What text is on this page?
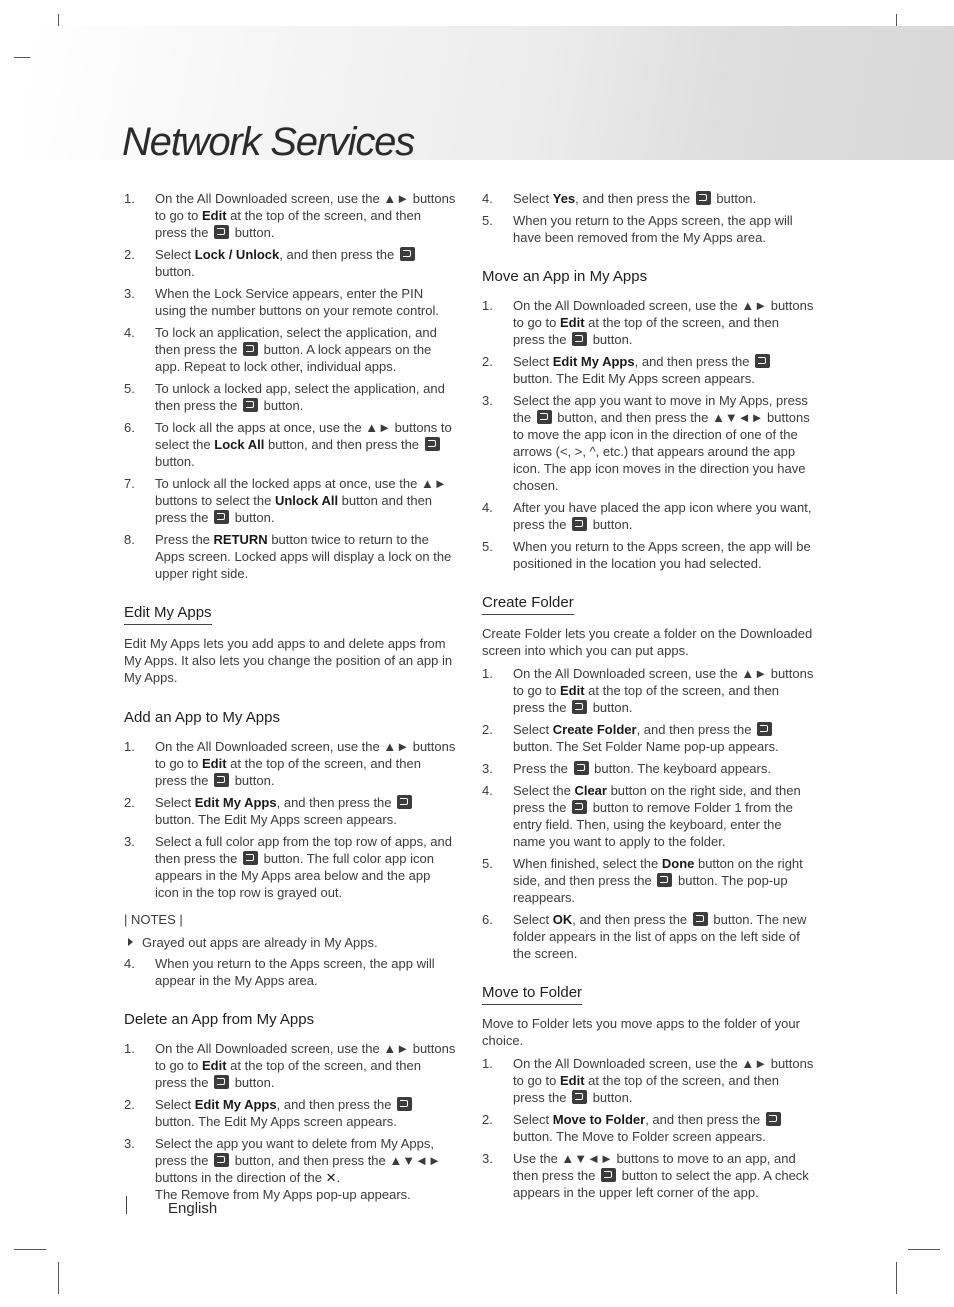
Network Services
1. On the All Downloaded screen, use the ▲► buttons to go to Edit at the top of the screen, and then press the  button.
2. Select Lock / Unlock, and then press the  button.
3. When the Lock Service appears, enter the PIN using the number buttons on your remote control.
4. To lock an application, select the application, and then press the  button. A lock appears on the app. Repeat to lock other, individual apps.
5. To unlock a locked app, select the application, and then press the  button.
6. To lock all the apps at once, use the ▲► buttons to select the Lock All button, and then press the  button.
7. To unlock all the locked apps at once, use the ▲► buttons to select the Unlock All button and then press the  button.
8. Press the RETURN button twice to return to the Apps screen. Locked apps will display a lock on the upper right side.
Edit My Apps

Edit My Apps lets you add apps to and delete apps from My Apps. It also lets you change the position of an app in My Apps.

Add an App to My Apps
1. On the All Downloaded screen, use the ▲► buttons to go to Edit at the top of the screen, and then press the  button.
2. Select Edit My Apps, and then press the  button. The Edit My Apps screen appears.
3. Select a full color app from the top row of apps, and then press the  button. The full color app icon appears in the My Apps area below and the app icon in the top row is grayed out.
| NOTES |
Grayed out apps are already in My Apps.
4. When you return to the Apps screen, the app will appear in the My Apps area.
Delete an App from My Apps
1. On the All Downloaded screen, use the ▲► buttons to go to Edit at the top of the screen, and then press the  button.
2. Select Edit My Apps, and then press the  button. The Edit My Apps screen appears.
3. Select the app you want to delete from My Apps, press the  button, and then press the ▲▼◄► buttons in the direction of the ✕.
The Remove from My Apps pop-up appears.
4. Select Yes, and then press the  button.
5. When you return to the Apps screen, the app will have been removed from the My Apps area.
Move an App in My Apps
1. On the All Downloaded screen, use the ▲► buttons to go to Edit at the top of the screen, and then press the  button.
2. Select Edit My Apps, and then press the  button. The Edit My Apps screen appears.
3. Select the app you want to move in My Apps, press the  button, and then press the ▲▼◄► buttons to move the app icon in the direction of one of the arrows (<, >, ^, etc.) that appears around the app icon. The app icon moves in the direction you have chosen.
4. After you have placed the app icon where you want, press the  button.
5. When you return to the Apps screen, the app will be positioned in the location you had selected.
Create Folder

Create Folder lets you create a folder on the Downloaded screen into which you can put apps.

1. On the All Downloaded screen, use the ▲► buttons to go to Edit at the top of the screen, and then press the  button.
2. Select Create Folder, and then press the  button. The Set Folder Name pop-up appears.
3. Press the  button. The keyboard appears.
4. Select the Clear button on the right side, and then press the  button to remove Folder 1 from the entry field. Then, using the keyboard, enter the name you want to apply to the folder.
5. When finished, select the Done button on the right side, and then press the  button. The pop-up reappears.
6. Select OK, and then press the  button. The new folder appears in the list of apps on the left side of the screen.
Move to Folder

Move to Folder lets you move apps to the folder of your choice.

1. On the All Downloaded screen, use the ▲► buttons to go to Edit at the top of the screen, and then press the  button.
2. Select Move to Folder, and then press the  button. The Move to Folder screen appears.
3. Use the ▲▼◄► buttons to move to an app, and then press the  button to select the app. A check appears in the upper left corner of the app.
English
